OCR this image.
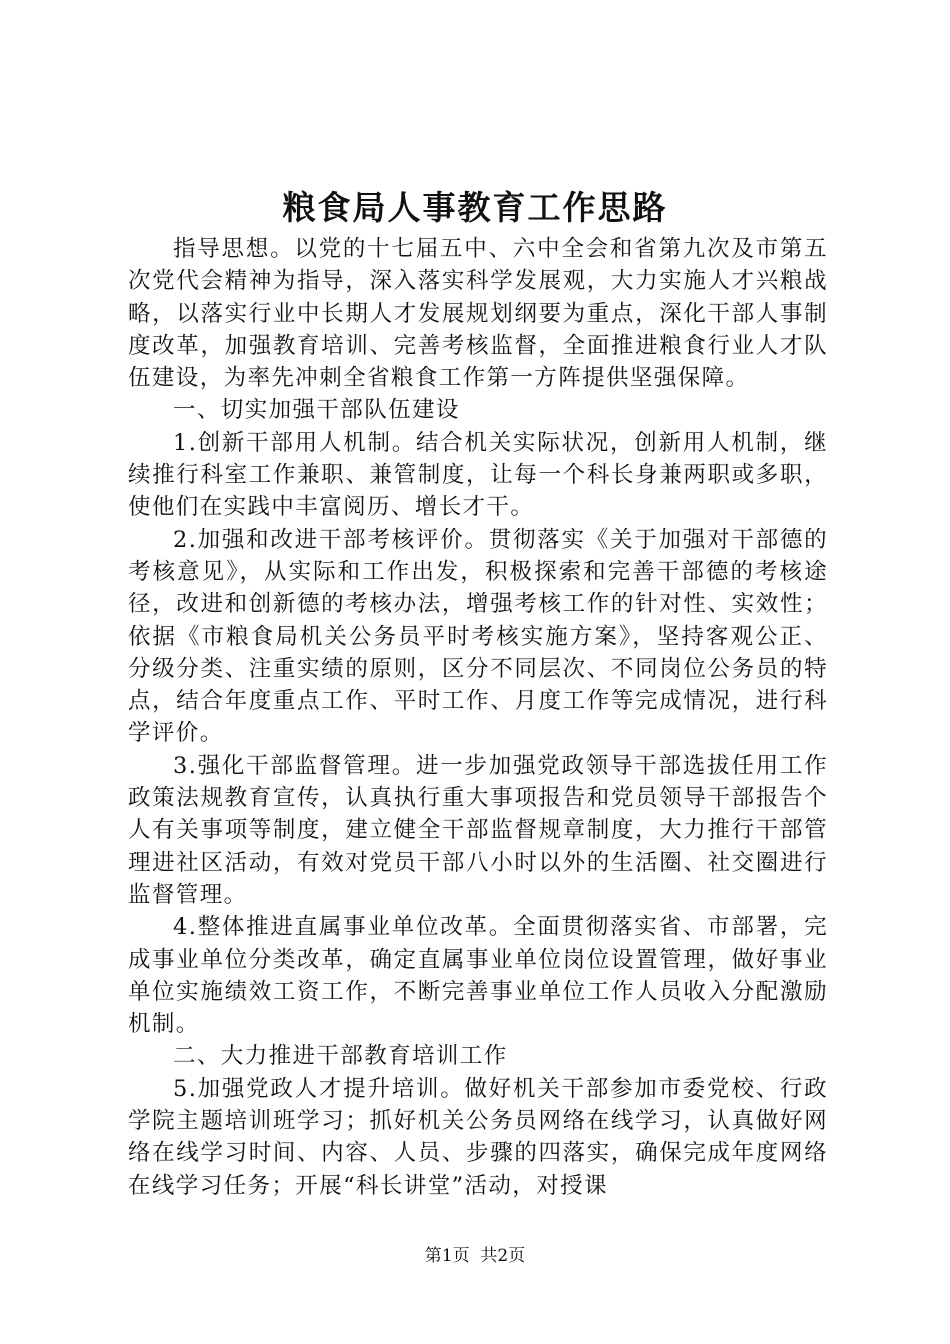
粮食局人事教育工作思路

指导思想。以党的十七届五中、六中全会和省第九次及市第五次党代会精神为指导，深入落实科学发展观，大力实施人才兴粮战略，以落实行业中长期人才发展规划纲要为重点，深化干部人事制度改革，加强教育培训、完善考核监督，全面推进粮食行业人才队伍建设，为率先冲刺全省粮食工作第一方阵提供坚强保障。

一、切实加强干部队伍建设

1.创新干部用人机制。结合机关实际状况，创新用人机制，继续推行科室工作兼职、兼管制度，让每一个科长身兼两职或多职，使他们在实践中丰富阅历、增长才干。

2.加强和改进干部考核评价。贯彻落实《关于加强对干部德的考核意见》，从实际和工作出发，积极探索和完善干部德的考核途径，改进和创新德的考核办法，增强考核工作的针对性、实效性；依据《市粮食局机关公务员平时考核实施方案》，坚持客观公正、分级分类、注重实绩的原则，区分不同层次、不同岗位公务员的特点，结合年度重点工作、平时工作、月度工作等完成情况，进行科学评价。

3.强化干部监督管理。进一步加强党政领导干部选拔任用工作政策法规教育宣传，认真执行重大事项报告和党员领导干部报告个人有关事项等制度，建立健全干部监督规章制度，大力推行干部管理进社区活动，有效对党员干部八小时以外的生活圈、社交圈进行监督管理。

4.整体推进直属事业单位改革。全面贯彻落实省、市部署，完成事业单位分类改革，确定直属事业单位岗位设置管理，做好事业单位实施绩效工资工作，不断完善事业单位工作人员收入分配激励机制。

二、大力推进干部教育培训工作

5.加强党政人才提升培训。做好机关干部参加市委党校、行政学院主题培训班学习；抓好机关公务员网络在线学习，认真做好网络在线学习时间、内容、人员、步骤的四落实，确保完成年度网络在线学习任务；开展“科长讲堂”活动，对授课

第1页  共2页
